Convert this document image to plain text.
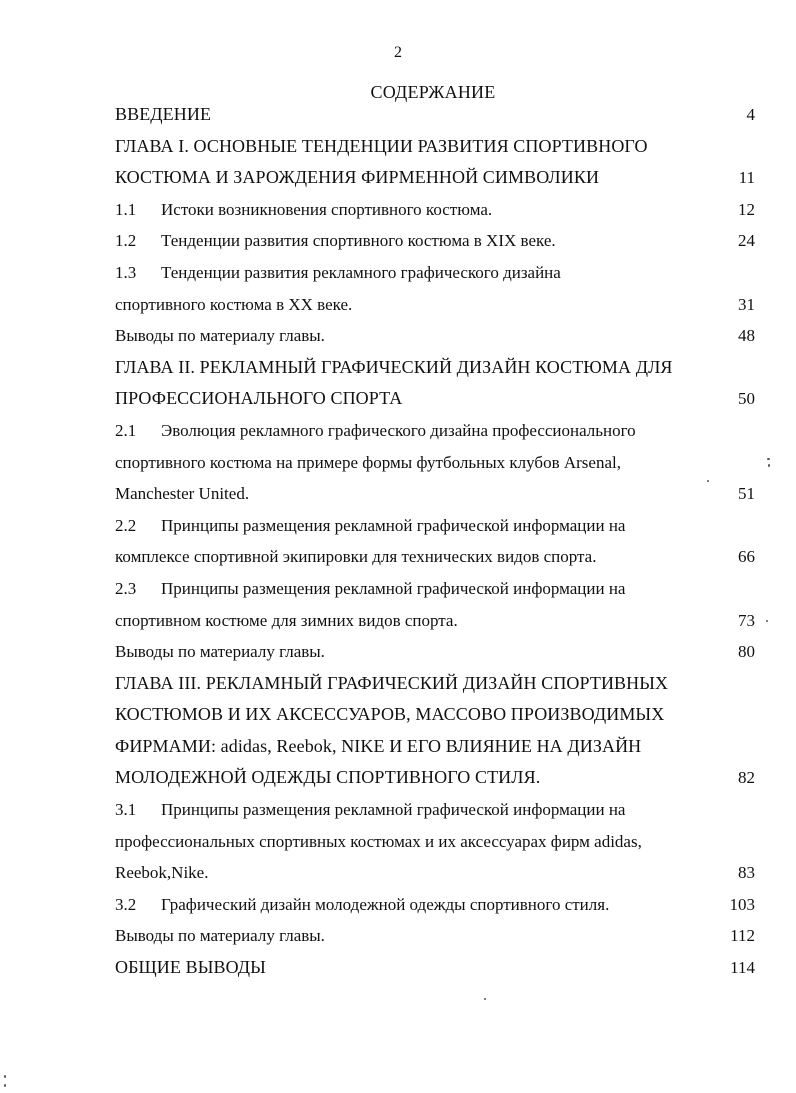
2
СОДЕРЖАНИЕ
ВВЕДЕНИЕ	4
ГЛАВА I. ОСНОВНЫЕ ТЕНДЕНЦИИ РАЗВИТИЯ СПОРТИВНОГО
КОСТЮМА И ЗАРОЖДЕНИЯ ФИРМЕННОЙ СИМВОЛИКИ	11
1.1 Истоки возникновения спортивного костюма.	12
1.2 Тенденции развития спортивного костюма в XIX веке.	24
1.3 Тенденции развития рекламного графического дизайна
спортивного костюма в XX веке.	31
Выводы по материалу главы.	48
ГЛАВА II. РЕКЛАМНЫЙ ГРАФИЧЕСКИЙ ДИЗАЙН КОСТЮМА ДЛЯ
ПРОФЕССИОНАЛЬНОГО СПОРТА	50
2.1 Эволюция рекламного графического дизайна профессионального
спортивного костюма на примере формы футбольных клубов Arsenal,
Manchester United.	51
2.2 Принципы размещения рекламной графической информации на
комплексе спортивной экипировки для технических видов спорта.	66
2.3 Принципы размещения рекламной графической информации на
спортивном костюме для зимних видов спорта.	73
Выводы по материалу главы.	80
ГЛАВА III. РЕКЛАМНЫЙ ГРАФИЧЕСКИЙ ДИЗАЙН СПОРТИВНЫХ
КОСТЮМОВ И ИХ АКСЕССУАРОВ, МАССОВО ПРОИЗВОДИМЫХ
ФИРМАМИ: adidas, Reebok, NIKE И ЕГО ВЛИЯНИЕ НА ДИЗАЙН
МОЛОДЕЖНОЙ ОДЕЖДЫ СПОРТИВНОГО СТИЛЯ.	82
3.1 Принципы размещения рекламной графической информации на
профессиональных спортивных костюмах и их аксессуарах фирм adidas,
Reebok,Nike.	83
3.2 Графический дизайн молодежной одежды спортивного стиля.	103
Выводы по материалу главы.	112
ОБЩИЕ ВЫВОДЫ	114
